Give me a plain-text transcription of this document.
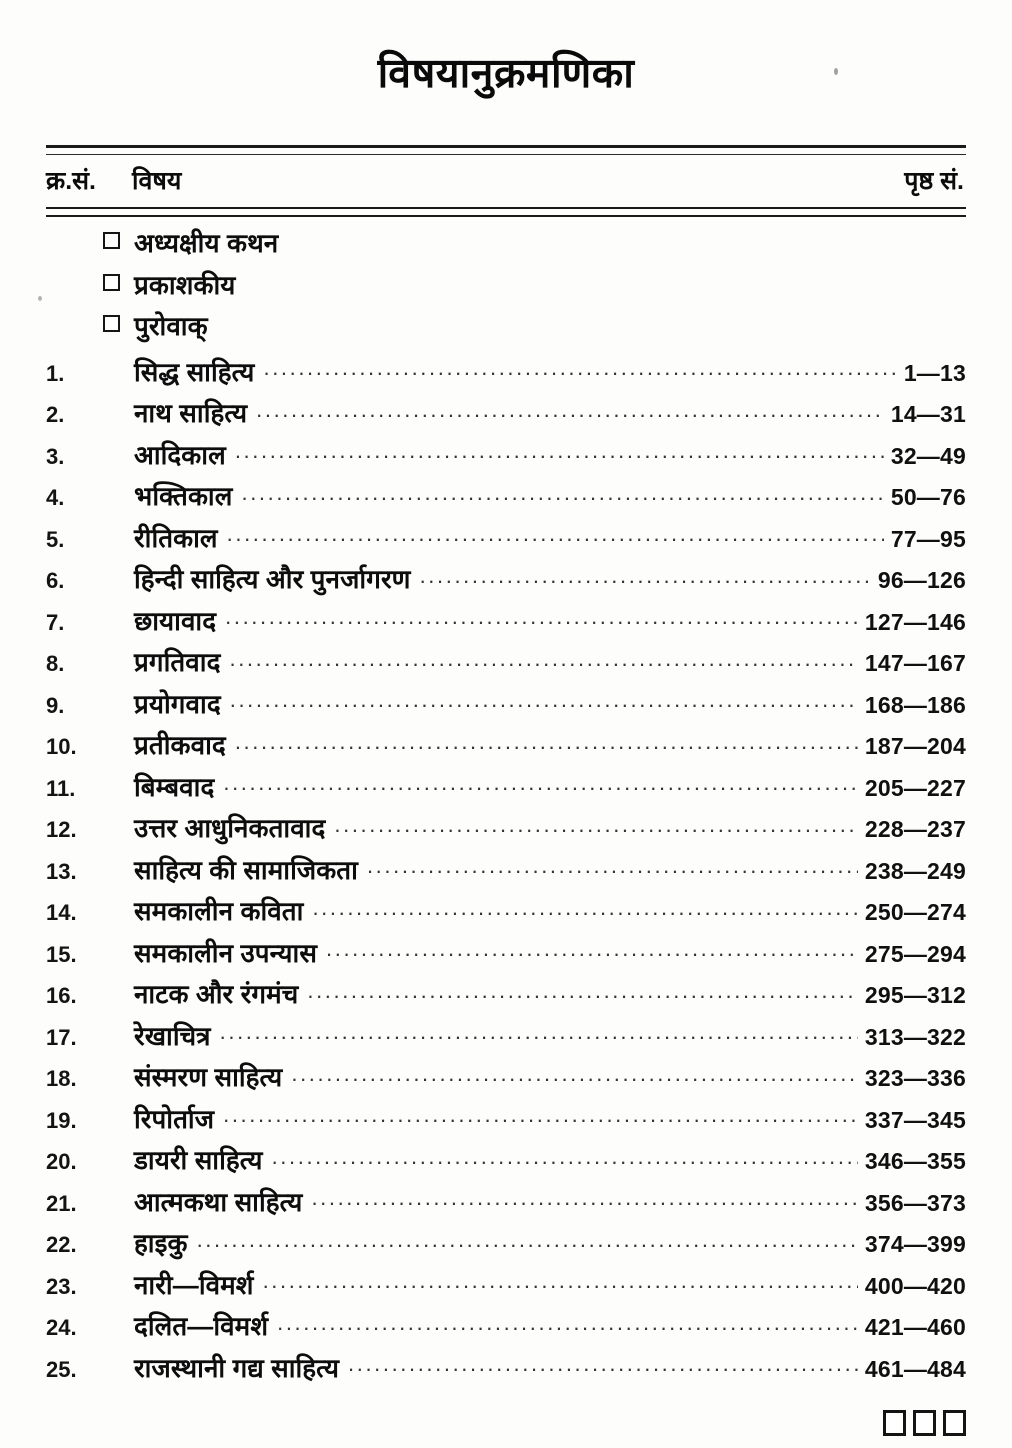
विषयानुक्रमणिका
क्र.सं.	विषय	पृष्ठ सं.
अध्यक्षीय कथन
प्रकाशकीय
पुरोवाक्
1.	सिद्ध साहित्य .....	1—13
2.	नाथ साहित्य .....	14—31
3.	आदिकाल .....	32—49
4.	भक्तिकाल .....	50—76
5.	रीतिकाल .....	77—95
6.	हिन्दी साहित्य और पुनर्जागरण .....	96—126
7.	छायावाद .....	127—146
8.	प्रगतिवाद .....	147—167
9.	प्रयोगवाद .....	168—186
10.	प्रतीकवाद .....	187—204
11.	बिम्बवाद .....	205—227
12.	उत्तर आधुनिकतावाद .....	228—237
13.	साहित्य की सामाजिकता .....	238—249
14.	समकालीन कविता .....	250—274
15.	समकालीन उपन्यास .....	275—294
16.	नाटक और रंगमंच .....	295—312
17.	रेखाचित्र .....	313—322
18.	संस्मरण साहित्य .....	323—336
19.	रिपोर्ताज .....	337—345
20.	डायरी साहित्य .....	346—355
21.	आत्मकथा साहित्य .....	356—373
22.	हाइकु .....	374—399
23.	नारी—विमर्श .....	400—420
24.	दलित—विमर्श .....	421—460
25.	राजस्थानी गद्य साहित्य .....	461—484
